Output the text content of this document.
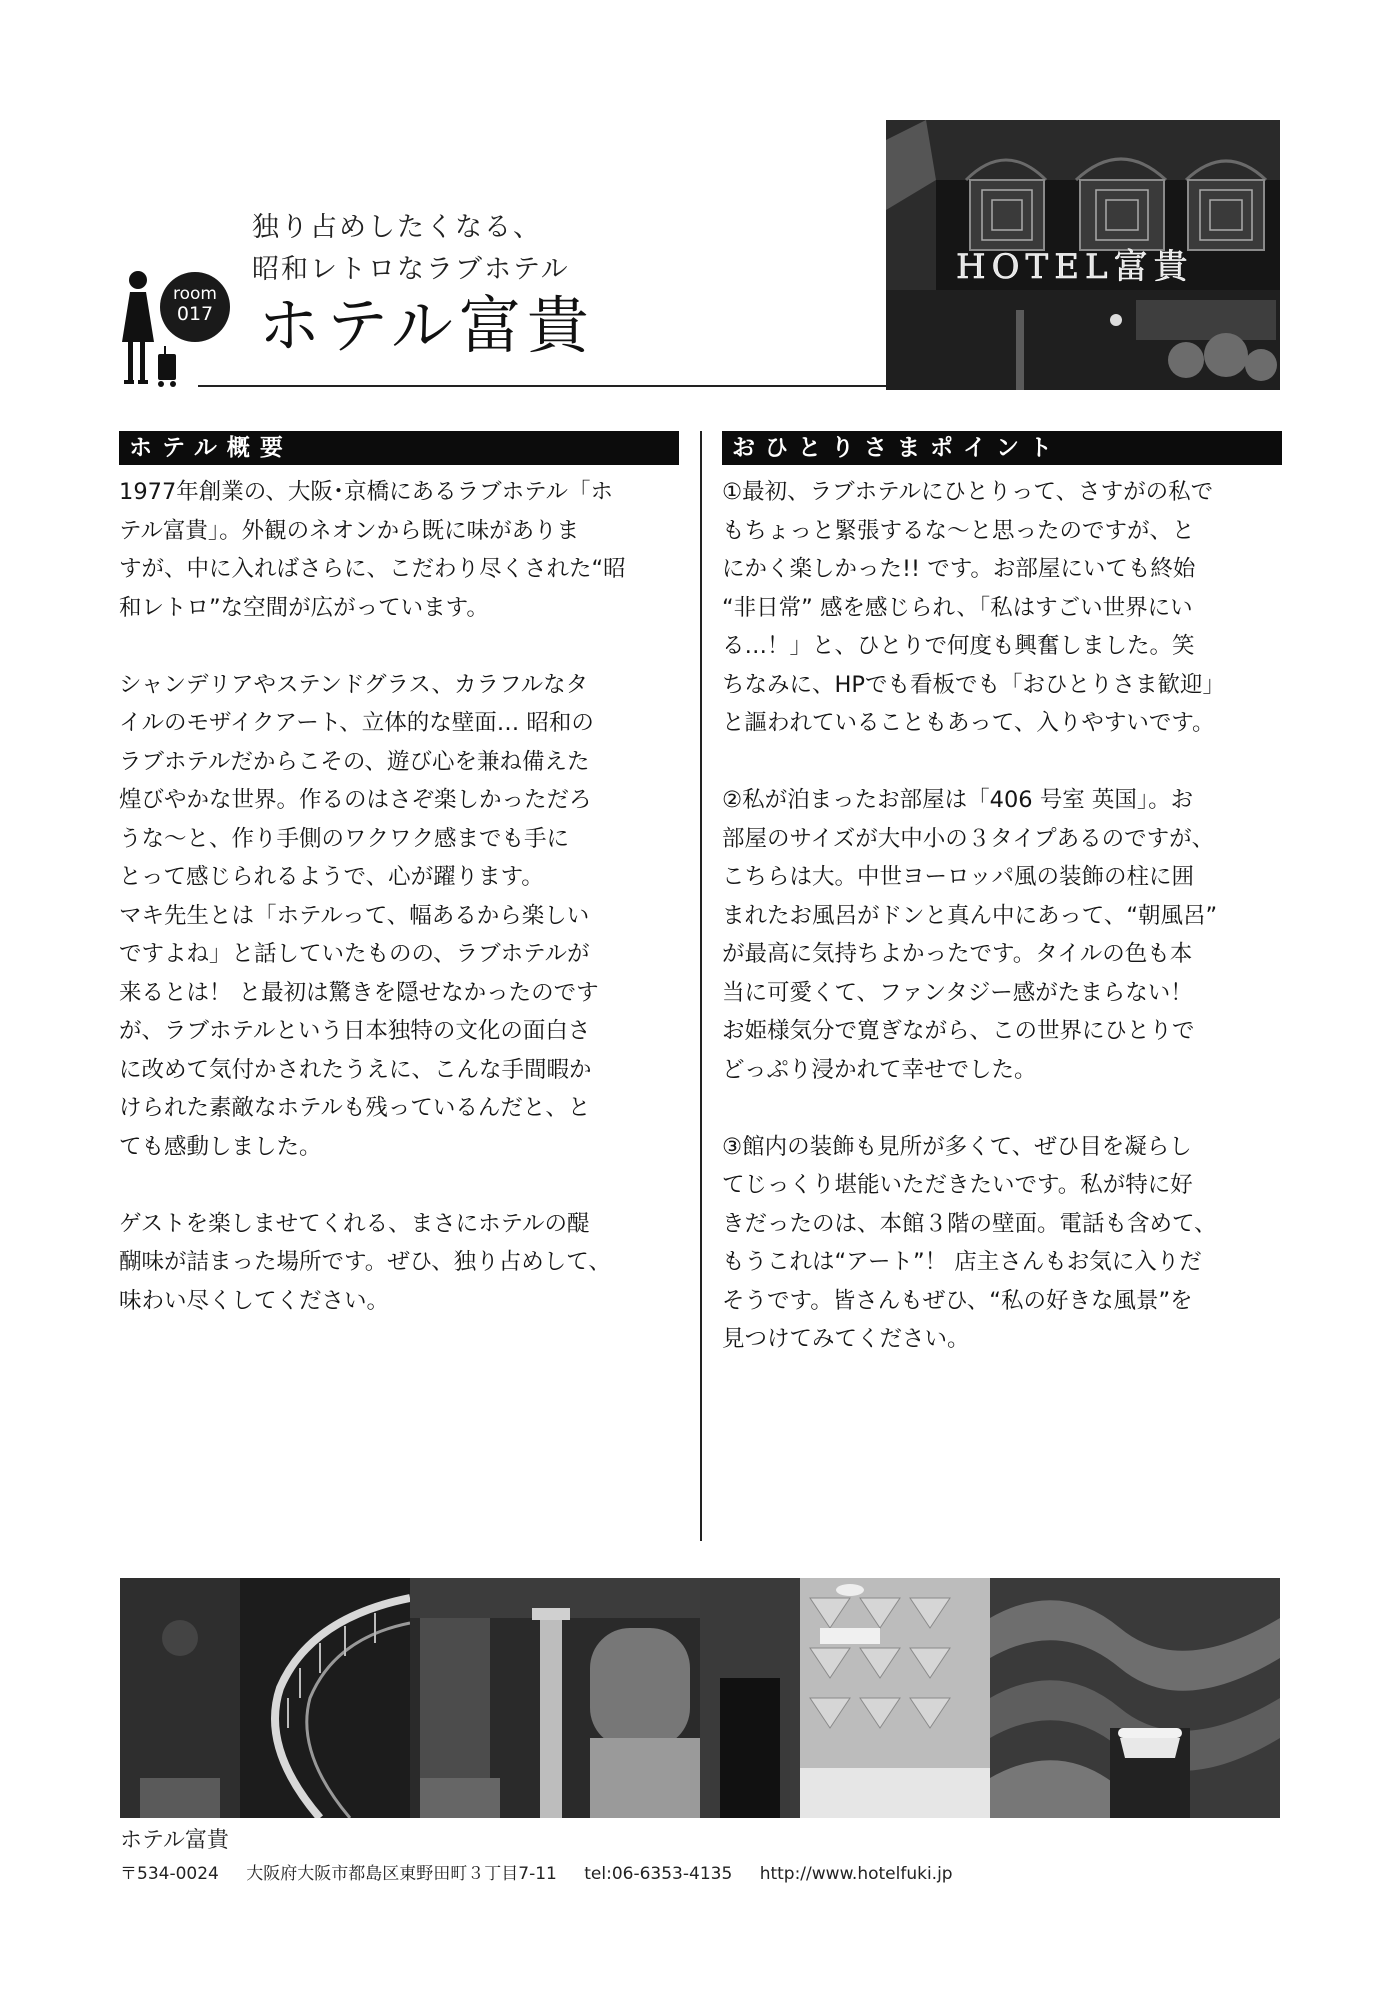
独り占めしたくなる、
昭和レトロなラブホテル
room
017 ホテル富貴
HOTEL富貴
ホテル概要
1977年創業の、大阪･京橋にあるラブホテル「ホ
テル富貴」。外観のネオンから既に味がありま
すが、中に入ればさらに、こだわり尽くされた“昭
和レトロ”な空間が広がっています。
シャンデリアやステンドグラス、カラフルなタ
イルのモザイクアート、立体的な壁面… 昭和の
ラブホテルだからこその、遊び心を兼ね備えた
煌びやかな世界。作るのはさぞ楽しかっただろ
うな～と、作り手側のワクワク感までも手に
とって感じられるようで、心が躍ります。
マキ先生とは「ホテルって、幅あるから楽しい
ですよね」と話していたものの、ラブホテルが
来るとは！ と最初は驚きを隠せなかったのです
が、ラブホテルという日本独特の文化の面白さ
に改めて気付かされたうえに、こんな手間暇か
けられた素敵なホテルも残っているんだと、と
ても感動しました。
ゲストを楽しませてくれる、まさにホテルの醍
醐味が詰まった場所です。ぜひ、独り占めして、
味わい尽くしてください。
おひとりさまポイント
①最初、ラブホテルにひとりって、さすがの私で
もちょっと緊張するな～と思ったのですが、と
にかく楽しかった!! です。お部屋にいても終始
“非日常” 感を感じられ、「私はすごい世界にい
る…！」と、ひとりで何度も興奮しました。笑
ちなみに、HPでも看板でも「おひとりさま歓迎」
と謳われていることもあって、入りやすいです。
②私が泊まったお部屋は「406 号室 英国」。お
部屋のサイズが大中小の３タイプあるのですが、
こちらは大。中世ヨーロッパ風の装飾の柱に囲
まれたお風呂がドンと真ん中にあって、“朝風呂”
が最高に気持ちよかったです。タイルの色も本
当に可愛くて、ファンタジー感がたまらない！
お姫様気分で寛ぎながら、この世界にひとりで
どっぷり浸かれて幸せでした。
③館内の装飾も見所が多くて、ぜひ目を凝らし
てじっくり堪能いただきたいです。私が特に好
きだったのは、本館３階の壁面。電話も含めて、
もうこれは“アート”！ 店主さんもお気に入りだ
そうです。皆さんもぜひ、“私の好きな風景”を
見つけてみてください。
ホテル富貴
〒534-0024 大阪府大阪市都島区東野田町３丁目7-11 tel:06-6353-4135 http://www.hotelfuki.jp
